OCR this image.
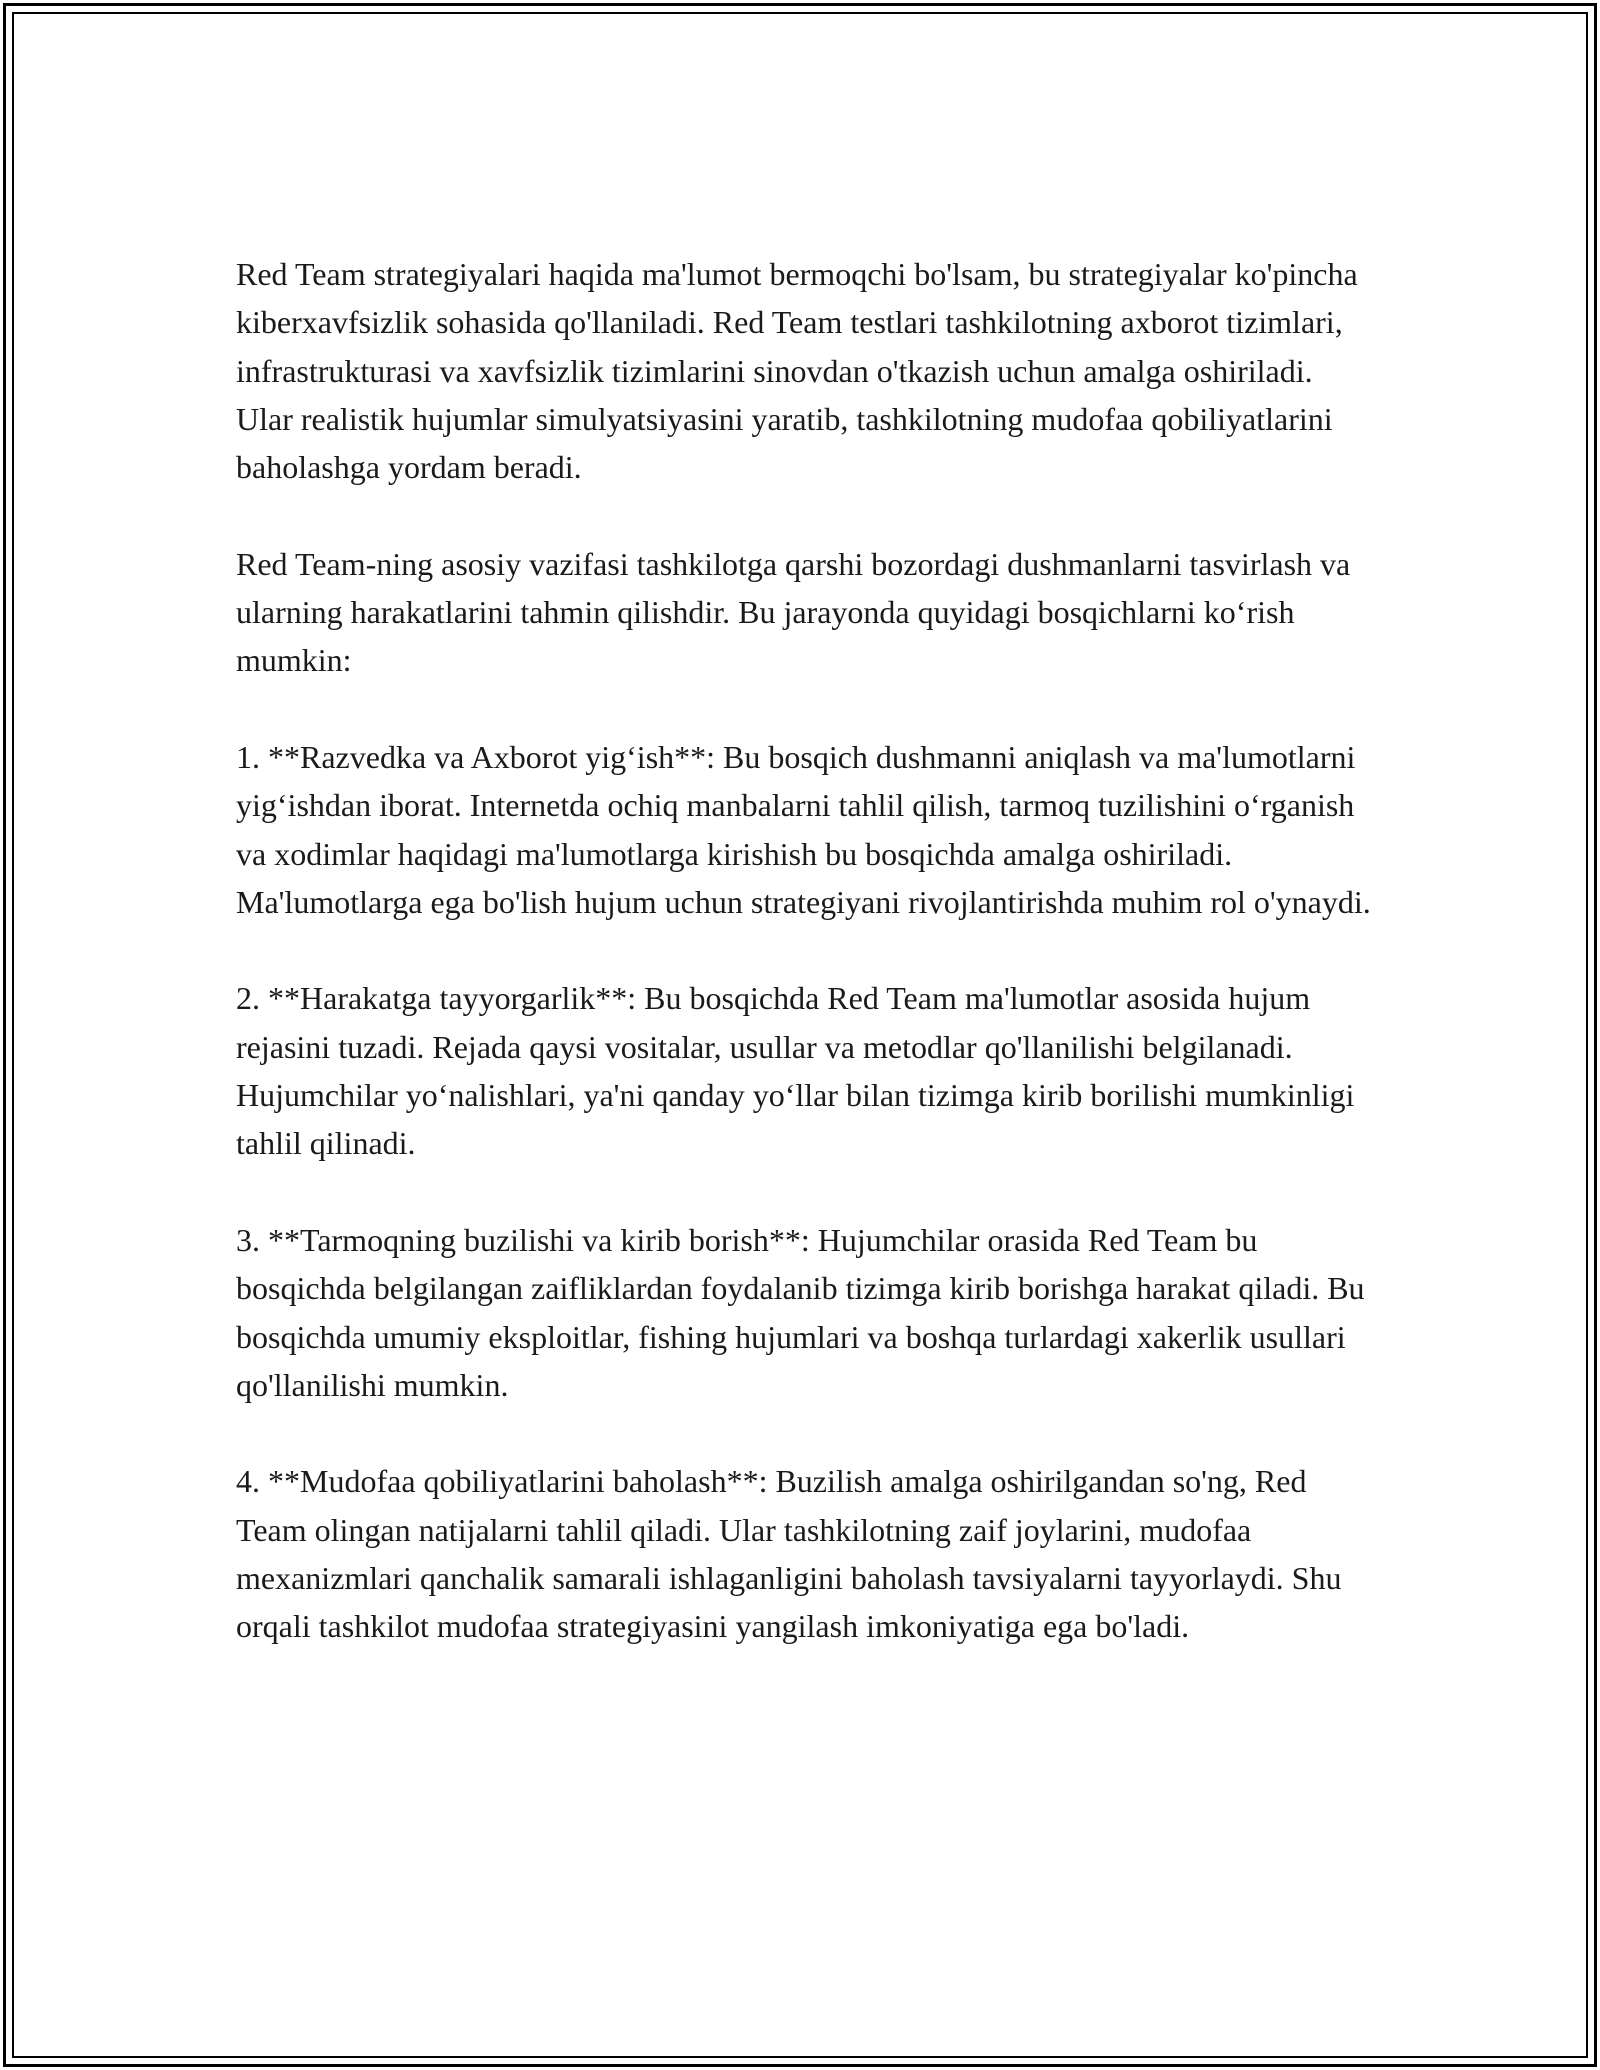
Red Team strategiyalari haqida ma'lumot bermoqchi bo'lsam, bu strategiyalar ko'pincha kiberxavfsizlik sohasida qo'llaniladi. Red Team testlari tashkilotning axborot tizimlari, infrastrukturasi va xavfsizlik tizimlarini sinovdan o'tkazish uchun amalga oshiriladi. Ular realistik hujumlar simulyatsiyasini yaratib, tashkilotning mudofaa qobiliyatlarini baholashga yordam beradi.

Red Team-ning asosiy vazifasi tashkilotga qarshi bozordagi dushmanlarni tasvirlash va ularning harakatlarini tahmin qilishdir. Bu jarayonda quyidagi bosqichlarni ko‘rish mumkin:

1. **Razvedka va Axborot yig‘ish**: Bu bosqich dushmanni aniqlash va ma'lumotlarni yig‘ishdan iborat. Internetda ochiq manbalarni tahlil qilish, tarmoq tuzilishini o‘rganish va xodimlar haqidagi ma'lumotlarga kirishish bu bosqichda amalga oshiriladi. Ma'lumotlarga ega bo'lish hujum uchun strategiyani rivojlantirishda muhim rol o'ynaydi.

2. **Harakatga tayyorgarlik**: Bu bosqichda Red Team ma'lumotlar asosida hujum rejasini tuzadi. Rejada qaysi vositalar, usullar va metodlar qo'llanilishi belgilanadi. Hujumchilar yo‘nalishlari, ya'ni qanday yo‘llar bilan tizimga kirib borilishi mumkinligi tahlil qilinadi.

3. **Tarmoqning buzilishi va kirib borish**: Hujumchilar orasida Red Team bu bosqichda belgilangan zaifliklardan foydalanib tizimga kirib borishga harakat qiladi. Bu bosqichda umumiy eksploitlar, fishing hujumlari va boshqa turlardagi xakerlik usullari qo'llanilishi mumkin.

4. **Mudofaa qobiliyatlarini baholash**: Buzilish amalga oshirilgandan so'ng, Red Team olingan natijalarni tahlil qiladi. Ular tashkilotning zaif joylarini, mudofaa mexanizmlari qanchalik samarali ishlaganligini baholash tavsiyalarni tayyorlaydi. Shu orqali tashkilot mudofaa strategiyasini yangilash imkoniyatiga ega bo'ladi.
